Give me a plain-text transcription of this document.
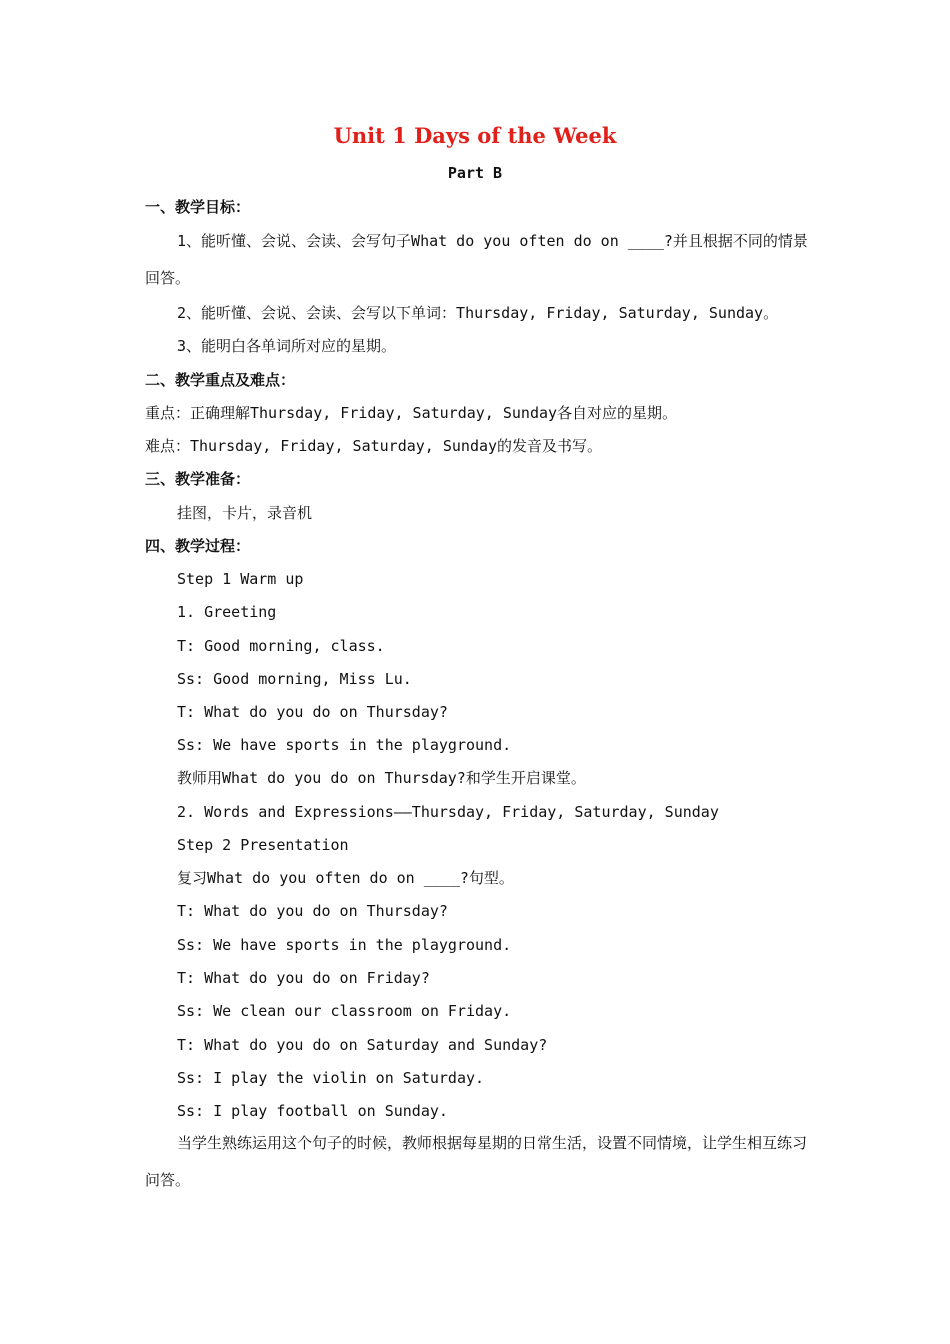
Unit 1 Days of the Week
Part B

一、教学目标：

1、能听懂、会说、会读、会写句子What do you often do on ____?并且根据不同的情景回答。

2、能听懂、会说、会读、会写以下单词：Thursday, Friday, Saturday, Sunday。

3、能明白各单词所对应的星期。

二、教学重点及难点：

重点：正确理解Thursday, Friday, Saturday, Sunday各自对应的星期。

难点：Thursday, Friday, Saturday, Sunday的发音及书写。

三、教学准备：

挂图，卡片，录音机

四、教学过程：

Step 1 Warm up

1. Greeting

T: Good morning, class.

Ss: Good morning, Miss Lu.

T: What do you do on Thursday?

Ss: We have sports in the playground.

教师用What do you do on Thursday?和学生开启课堂。

2. Words and Expressions——Thursday, Friday, Saturday, Sunday

Step 2 Presentation

复习What do you often do on ____?句型。

T: What do you do on Thursday?

Ss: We have sports in the playground.

T: What do you do on Friday?

Ss: We clean our classroom on Friday.

T: What do you do on Saturday and Sunday?

Ss: I play the violin on Saturday.

Ss: I play football on Sunday.

当学生熟练运用这个句子的时候，教师根据每星期的日常生活，设置不同情境，让学生相互练习问答。
